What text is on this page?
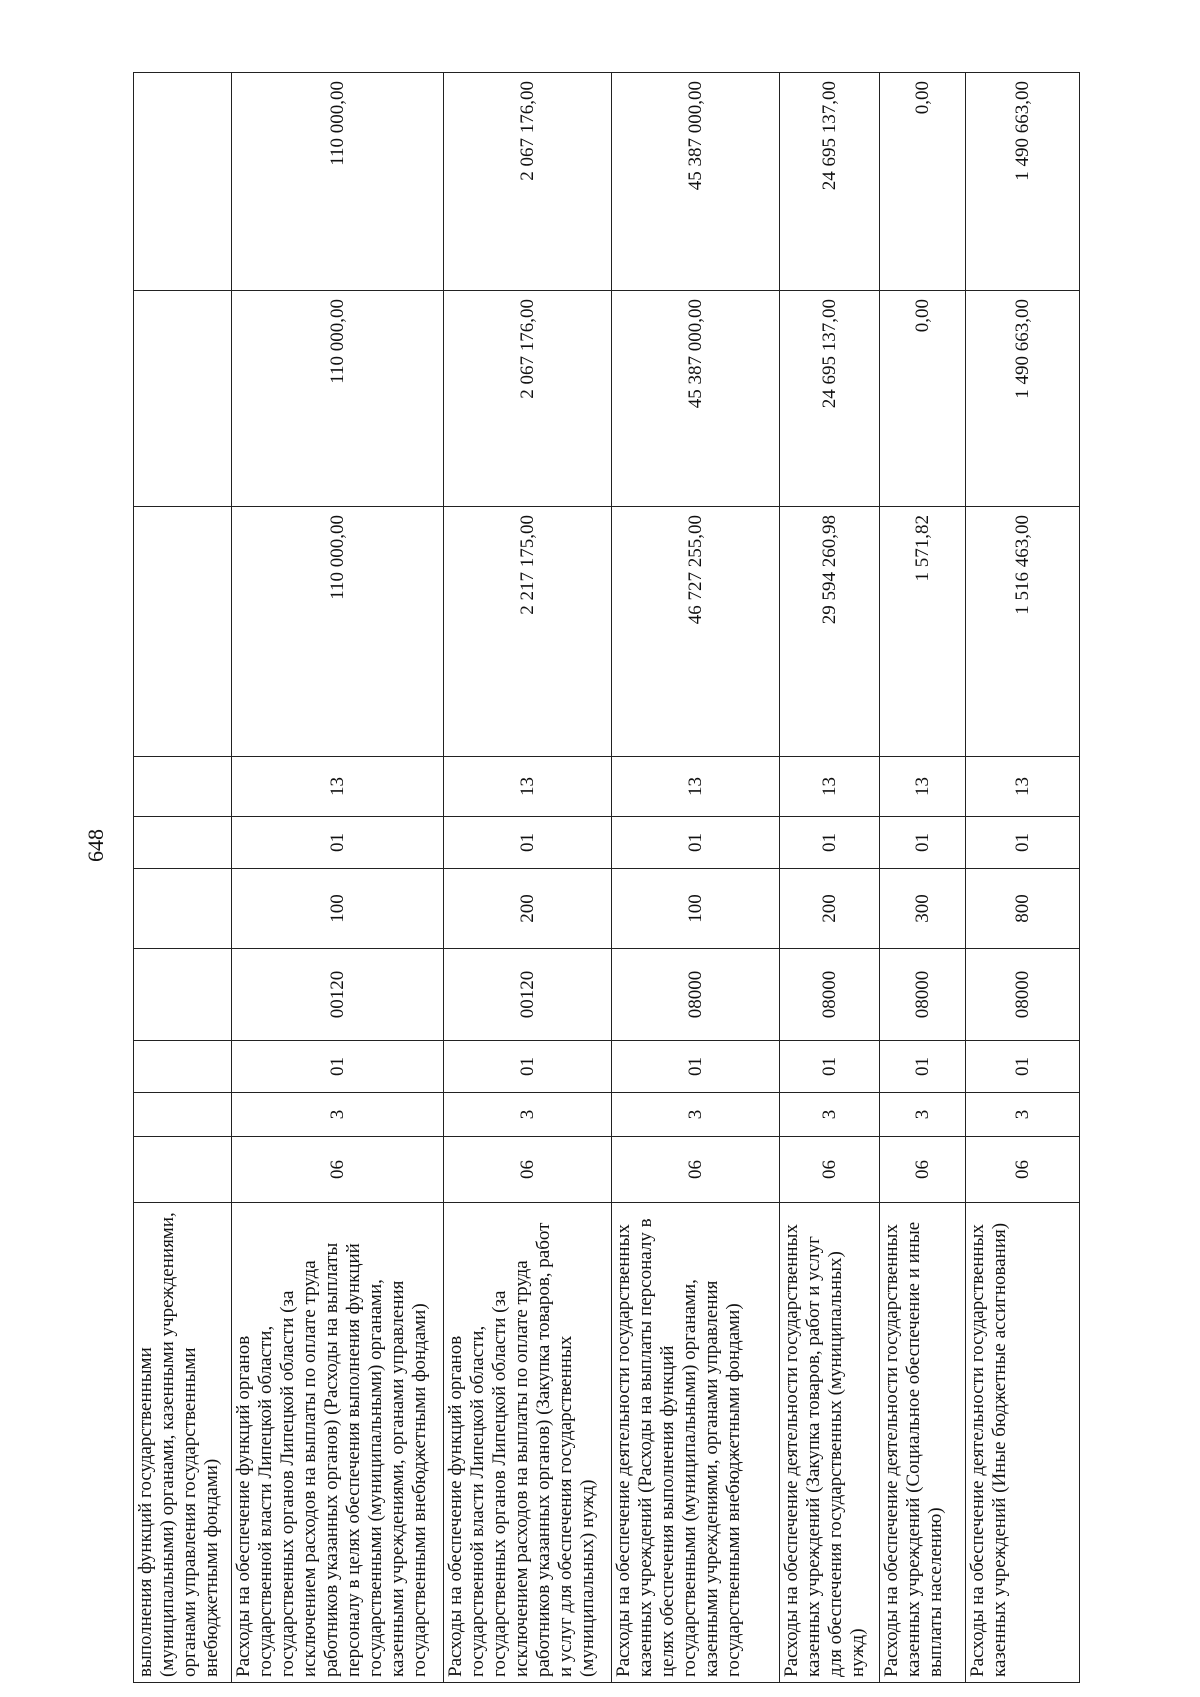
648
выполнения функций государственными (муниципальными) органами, казенными учреждениями, органами управления государственными внебюджетными фондами)										
Расходы на обеспечение функций органов государственной власти Липецкой области, государственных органов Липецкой области (за исключением расходов на выплаты по оплате труда работников указанных органов) (Расходы на выплаты персоналу в целях обеспечения выполнения функций государственными (муниципальными) органами, казенными учреждениями, органами управления государственными внебюджетными фондами)	06	3	01	00120	100	01	13	110 000,00	110 000,00	110 000,00
Расходы на обеспечение функций органов государственной власти Липецкой области, государственных органов Липецкой области (за исключением расходов на выплаты по оплате труда работников указанных органов) (Закупка товаров, работ и услуг для обеспечения государственных (муниципальных) нужд)	06	3	01	00120	200	01	13	2 217 175,00	2 067 176,00	2 067 176,00
Расходы на обеспечение деятельности государственных казенных учреждений (Расходы на выплаты персоналу в целях обеспечения выполнения функций государственными (муниципальными) органами, казенными учреждениями, органами управления государственными внебюджетными фондами)	06	3	01	08000	100	01	13	46 727 255,00	45 387 000,00	45 387 000,00
Расходы на обеспечение деятельности государственных казенных учреждений (Закупка товаров, работ и услуг для обеспечения государственных (муниципальных) нужд)	06	3	01	08000	200	01	13	29 594 260,98	24 695 137,00	24 695 137,00
Расходы на обеспечение деятельности государственных казенных учреждений (Социальное обеспечение и иные выплаты населению)	06	3	01	08000	300	01	13	1 571,82	0,00	0,00
Расходы на обеспечение деятельности государственных казенных учреждений (Иные бюджетные ассигнования)	06	3	01	08000	800	01	13	1 516 463,00	1 490 663,00	1 490 663,00
